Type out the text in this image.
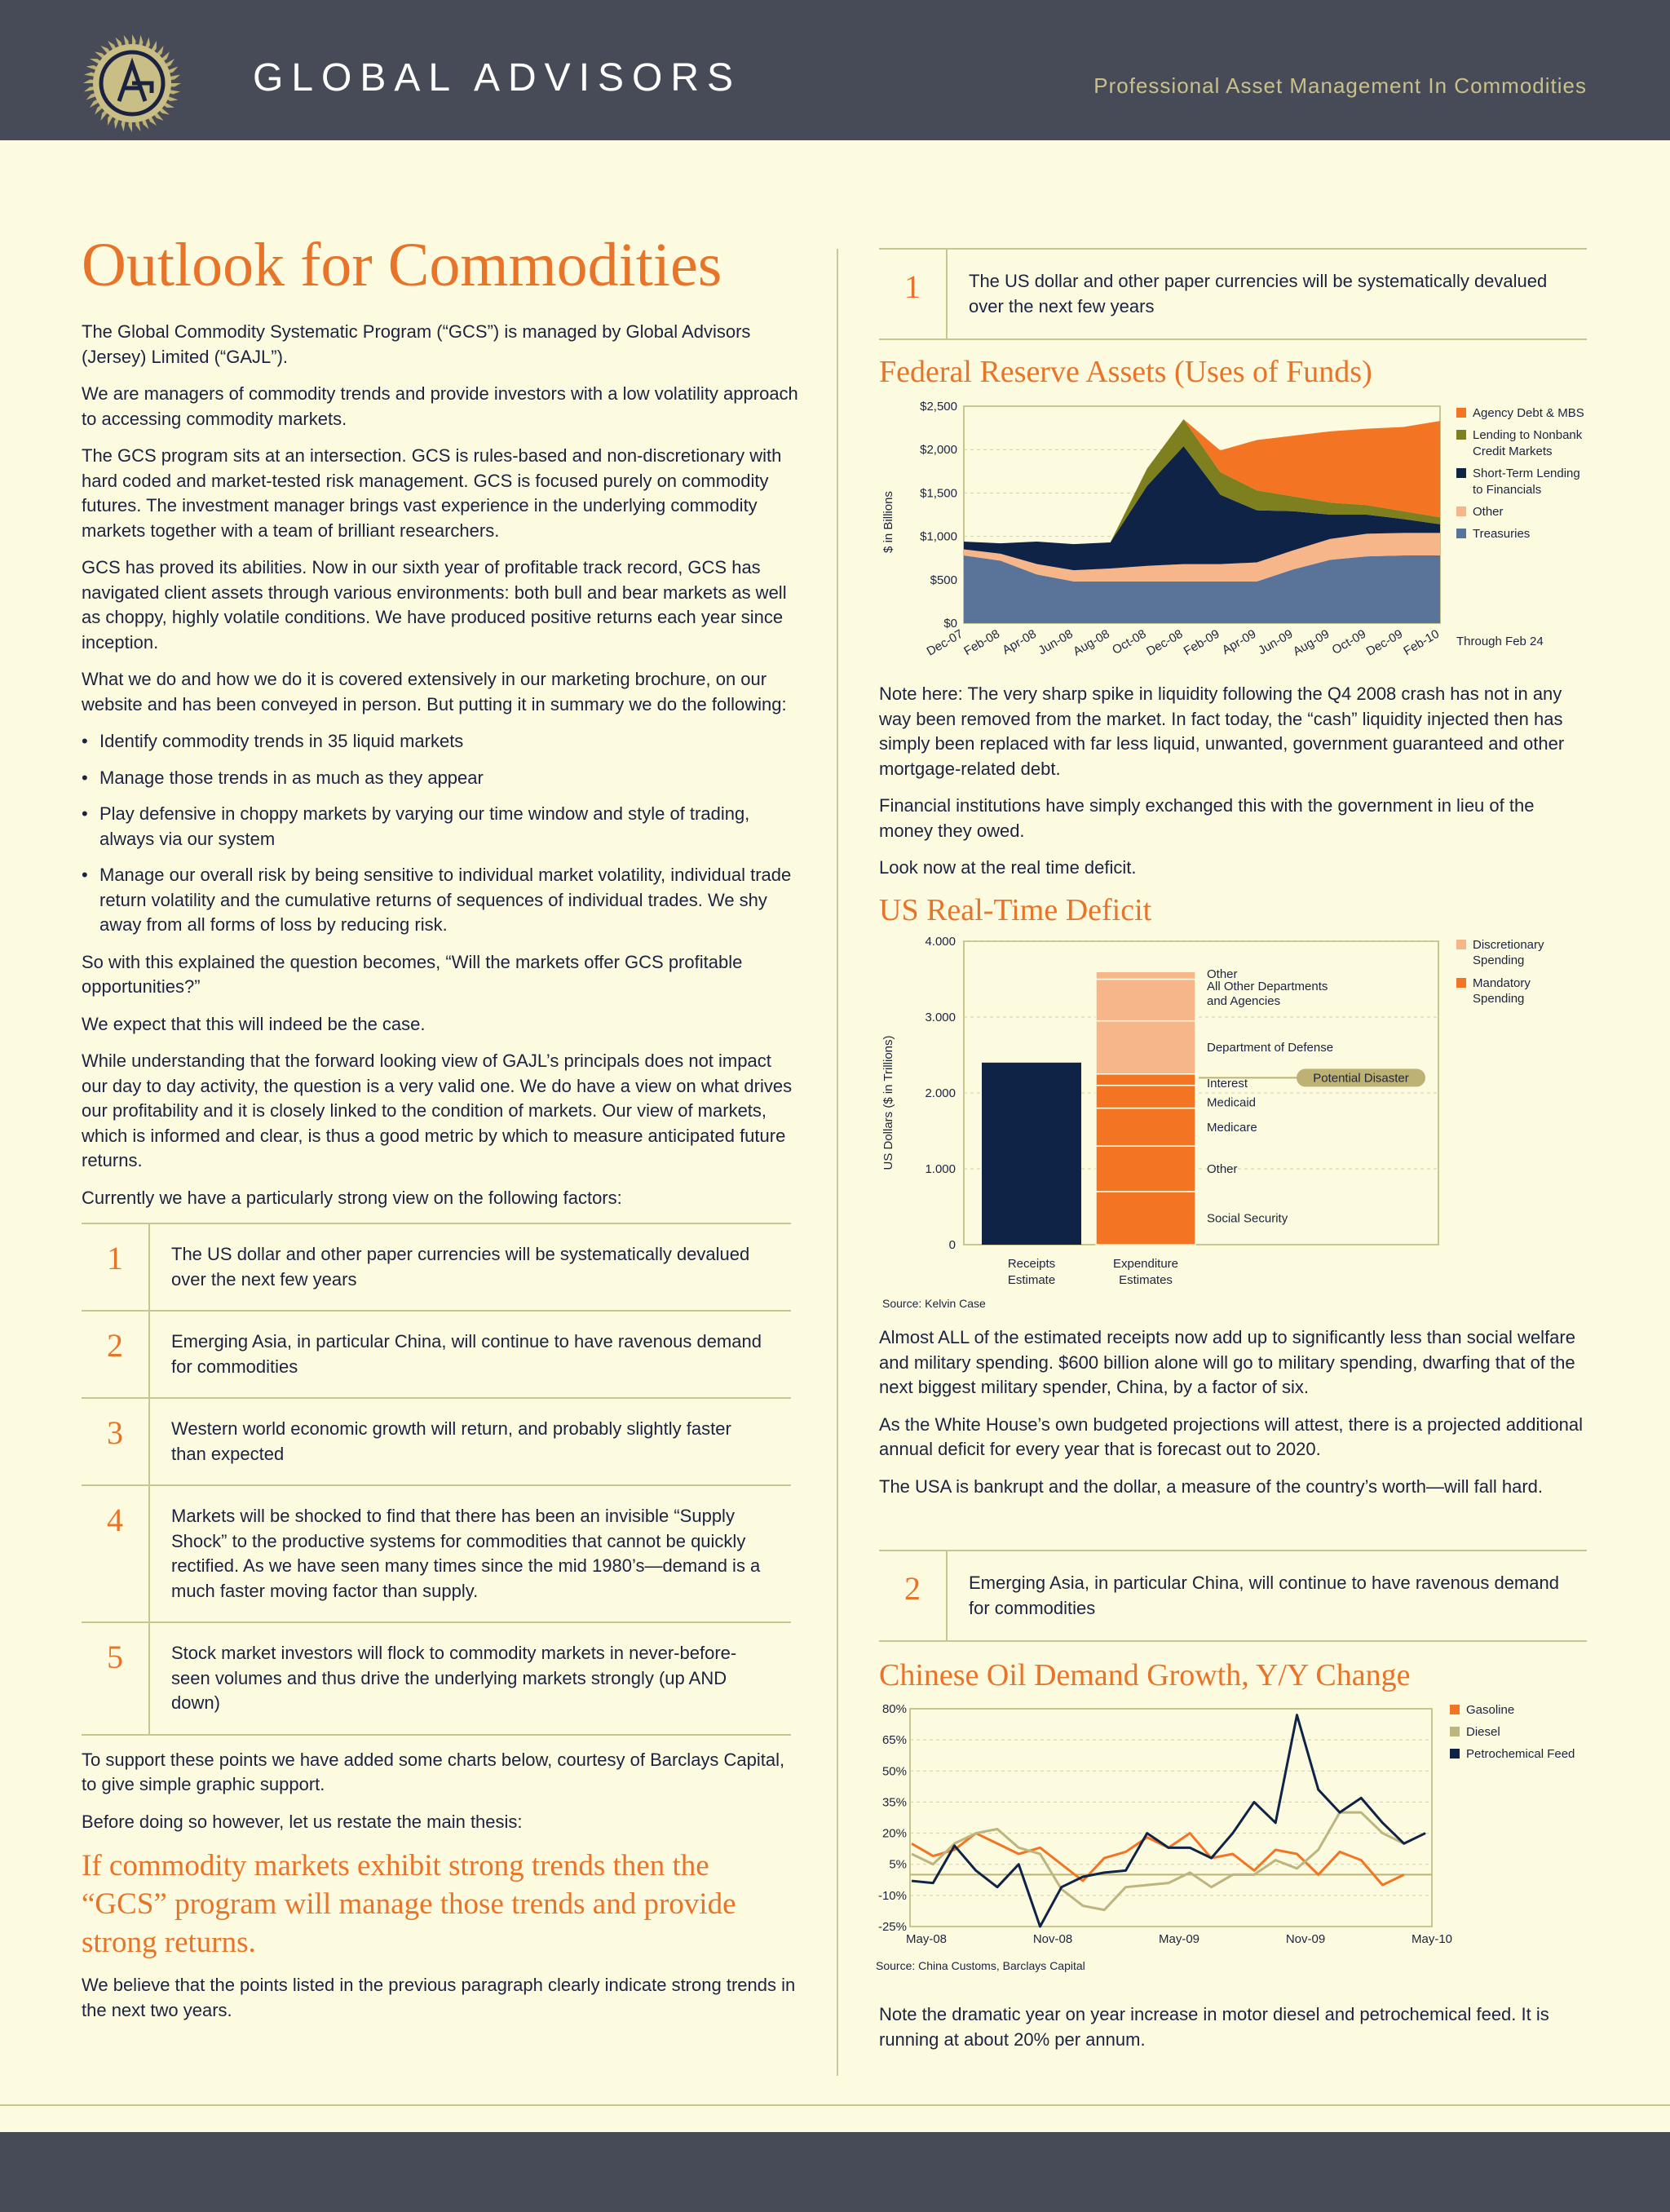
GLOBAL ADVISORS	Professional Asset Management In Commodities
Outlook for Commodities

The Global Commodity Systematic Program (“GCS”) is managed by Global Advisors (Jersey) Limited (“GAJL”).

We are managers of commodity trends and provide investors with a low volatility approach to accessing commodity markets.

The GCS program sits at an intersection. GCS is rules-based and non-discretionary with hard coded and market-tested risk management. GCS is focused purely on commodity futures. The investment manager brings vast experience in the underlying commodity markets together with a team of brilliant researchers.

GCS has proved its abilities. Now in our sixth year of profitable track record, GCS has navigated client assets through various environments: both bull and bear markets as well as choppy, highly volatile conditions. We have produced positive returns each year since inception.

What we do and how we do it is covered extensively in our marketing brochure, on our website and has been conveyed in person. But putting it in summary we do the following:

• Identify commodity trends in 35 liquid markets
• Manage those trends in as much as they appear
• Play defensive in choppy markets by varying our time window and style of trading, always via our system
• Manage our overall risk by being sensitive to individual market volatility, individual trade return volatility and the cumulative returns of sequences of individual trades. We shy away from all forms of loss by reducing risk.

So with this explained the question becomes, “Will the markets offer GCS profitable opportunities?”

We expect that this will indeed be the case.

While understanding that the forward looking view of GAJL’s principals does not impact our day to day activity, the question is a very valid one. We do have a view on what drives our profitability and it is closely linked to the condition of markets. Our view of markets, which is informed and clear, is thus a good metric by which to measure anticipated future returns.

Currently we have a particularly strong view on the following factors:

1	The US dollar and other paper currencies will be systematically devalued over the next few years
2	Emerging Asia, in particular China, will continue to have ravenous demand for commodities
3	Western world economic growth will return, and probably slightly faster than expected
4	Markets will be shocked to find that there has been an invisible “Supply Shock” to the productive systems for commodities that cannot be quickly rectified. As we have seen many times since the mid 1980’s—demand is a much faster moving factor than supply.
5	Stock market investors will flock to commodity markets in never-before-seen volumes and thus drive the underlying markets strongly (up AND down)

To support these points we have added some charts below, courtesy of Barclays Capital, to give simple graphic support.

Before doing so however, let us restate the main thesis:

If commodity markets exhibit strong trends then the “GCS” program will manage those trends and provide strong returns.

We believe that the points listed in the previous paragraph clearly indicate strong trends in the next two years.

1	The US dollar and other paper currencies will be systematically devalued over the next few years
Federal Reserve Assets (Uses of Funds)
$ in Billions
Through Feb 24
$0
$500
$1,000
$1,500
$2,000
$2,500
Dec-07
Feb-08
Apr-08
Jun-08
Aug-08
Oct-08
Dec-08
Feb-09
Apr-09
Jun-09
Aug-09
Oct-09
Dec-09
Feb-10
Agency Debt & MBS
Lending to Nonbank
Credit Markets
Short-Term Lending
to Financials
Other
Treasuries

Note here: The very sharp spike in liquidity following the Q4 2008 crash has not in any way been removed from the market. In fact today, the “cash” liquidity injected then has simply been replaced with far less liquid, unwanted, government guaranteed and other mortgage-related debt.

Financial institutions have simply exchanged this with the government in lieu of the money they owed.

Look now at the real time deficit.

US Real-Time Deficit
US Dollars ($ in Trillions)
Source: Kelvin Case
0
1.000
2.000
3.000
4.000
Social Security
Other
Medicare
Medicaid
Interest
Department of Defense
All Other Departments
and Agencies
Other
Potential Disaster
Receipts
Estimate
Expenditure
Estimates
Discretionary
Spending
Mandatory
Spending

Almost ALL of the estimated receipts now add up to significantly less than social welfare and military spending. $600 billion alone will go to military spending, dwarfing that of the next biggest military spender, China, by a factor of six.

As the White House’s own budgeted projections will attest, there is a projected additional annual deficit for every year that is forecast out to 2020.

The USA is bankrupt and the dollar, a measure of the country’s worth—will fall hard.

2	Emerging Asia, in particular China, will continue to have ravenous demand for commodities
Chinese Oil Demand Growth, Y/Y Change
Source: China Customs, Barclays Capital
-25%
-10%
5%
20%
35%
50%
65%
80%
May-08	Nov-08	May-09	Nov-09	May-10
Gasoline
Diesel
Petrochemical Feed

Note the dramatic year on year increase in motor diesel and petrochemical feed. It is running at about 20% per annum.
